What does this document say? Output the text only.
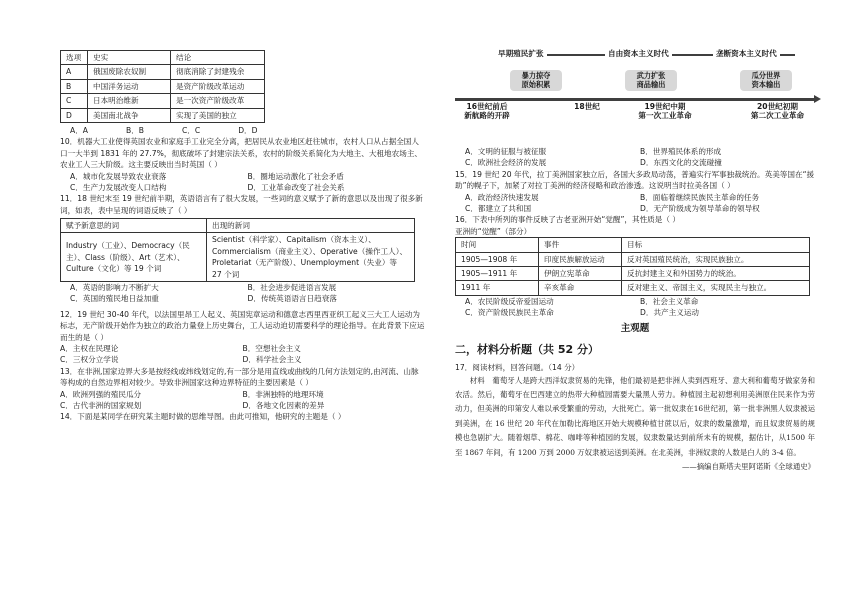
选项	史实	结论
A	俄国废除农奴制	彻底消除了封建残余
B	中国洋务运动	是资产阶级改革运动
C	日本明治维新	是一次资产阶级改革
D	美国南北战争	实现了美国的独立
A．A	B．B	C．C	D．D
10．机器大工业使得英国农业和家庭手工业完全分离，把居民从农业地区赶往城市，农村人口从占据全国人口一大半到 1831 年的 27.7%，彻底破坏了封建宗法关系，农村的阶级关系简化为大地主、大租地农场主、农业工人三大阶级。这主要反映出当时英国（ ）
A．城市化发展导致农业衰落	B．圈地运动激化了社会矛盾
C．生产力发展改变人口结构	D．工业革命改变了社会关系
11．18 世纪末至 19 世纪前半期，英语语言有了很大发展，一些词的意义赋予了新的意思以及出现了很多新词，如表，表中呈现的词语反映了（ ）
赋予新意思的词	出现的新词
Industry（工业）、Democracy（民主）、Class（阶级）、Art（艺术）、Culture（文化）等 19 个词	Scientist（科学家）、Capitalism（资本主义）、Commercialism（商业主义）、Operative（操作工人）、Proletariat（无产阶级）、Unemployment（失业）等 27 个词
A．英语的影响力不断扩大	B．社会进步促进语言发展
C．英国的殖民地日益加重	D．传统英语语言日趋衰落
12．19 世纪 30-40 年代，以法国里昂工人起义、英国宪章运动和德意志西里西亚织工起义三大工人运动为标志，无产阶级开始作为独立的政治力量登上历史舞台，工人运动迫切需要科学的理论指导。在此背景下应运而生的是（ ）
A．主权在民理论	B．空想社会主义
C．三权分立学说	D．科学社会主义
13．在非洲,国家边界大多是按经线或纬线划定的,有一部分是用直线或曲线的几何方法划定的,由河流、山脉等构成的自然边界相对较少。导致非洲国家这种边界特征的主要因素是（ ）
A．欧洲列强的殖民瓜分	B．非洲独特的地理环境
C．古代非洲的国家规划	D．各地文化因素的差异
14．下面是某同学在研究某主题时做的思维导图。由此可推知，他研究的主题是（ ）
早期殖民扩张	自由资本主义时代	垄断资本主义时代
暴力掠夺
原始积累
武力扩张
商品输出
瓜分世界
资本输出
16世纪前后
新航路的开辟
18世纪	19世纪中期
第一次工业革命
20世纪初期
第二次工业革命
A．文明的征服与被征服	B．世界殖民体系的形成
C．欧洲社会经济的发展	D．东西文化的交流碰撞
15．19 世纪 20 年代，拉丁美洲国家独立后，各国大多政局动荡，普遍实行军事独裁统治。英美等国在“援助”的幌子下，加紧了对拉丁美洲的经济侵略和政治渗透。这说明当时拉美各国（ ）
A．政治经济快速发展	B．面临着继续民族民主革命的任务
C．都建立了共和国	D．无产阶级成为领导革命的领导权
16．下表中所列的事件反映了古老亚洲开始“觉醒”，其性质是（ ）
亚洲的“觉醒”（部分）
时间	事件	目标
1905—1908 年	印度民族解放运动	反对英国殖民统治，实现民族独立。
1905—1911 年	伊朗立宪革命	反抗封建主义和外国势力的统治。
1911 年	辛亥革命	反对建主义、帝国主义，实现民主与独立。
A．农民阶级反帝爱国运动	B．社会主义革命
C．资产阶级民族民主革命	D．共产主义运动
主观题
二，材料分析题（共 52 分）
17．阅读材料，回答问题。（14 分）

材料　葡萄牙人是跨大西洋奴隶贸易的先锋，他们最初是把非洲人卖到西班牙、意大利和葡萄牙做家务和农活。然后，葡萄牙在巴西建立的热带大种植园需要大量黑人劳力。种植园主起初想利用美洲原住民来作为劳动力，但美洲的印第安人难以承受繁重的劳动，大批死亡。第一批奴隶在16世纪初，第一批非洲黑人奴隶被运到美洲，在 16 世纪 20 年代在加勒比海地区开始大规模种植甘蔗以后，奴隶的数量激增，而且奴隶贸易的规模也急剧扩大。随着烟草、棉花、咖啡等种植园的发展，奴隶数量达到前所未有的规模，据估计，从1500 年至 1867 年间，有 1200 万到 2000 万奴隶被运送到美洲。在北美洲，非洲奴隶的人数是白人的 3-4 倍。

——摘编自斯塔夫里阿诺斯《全球通史》
